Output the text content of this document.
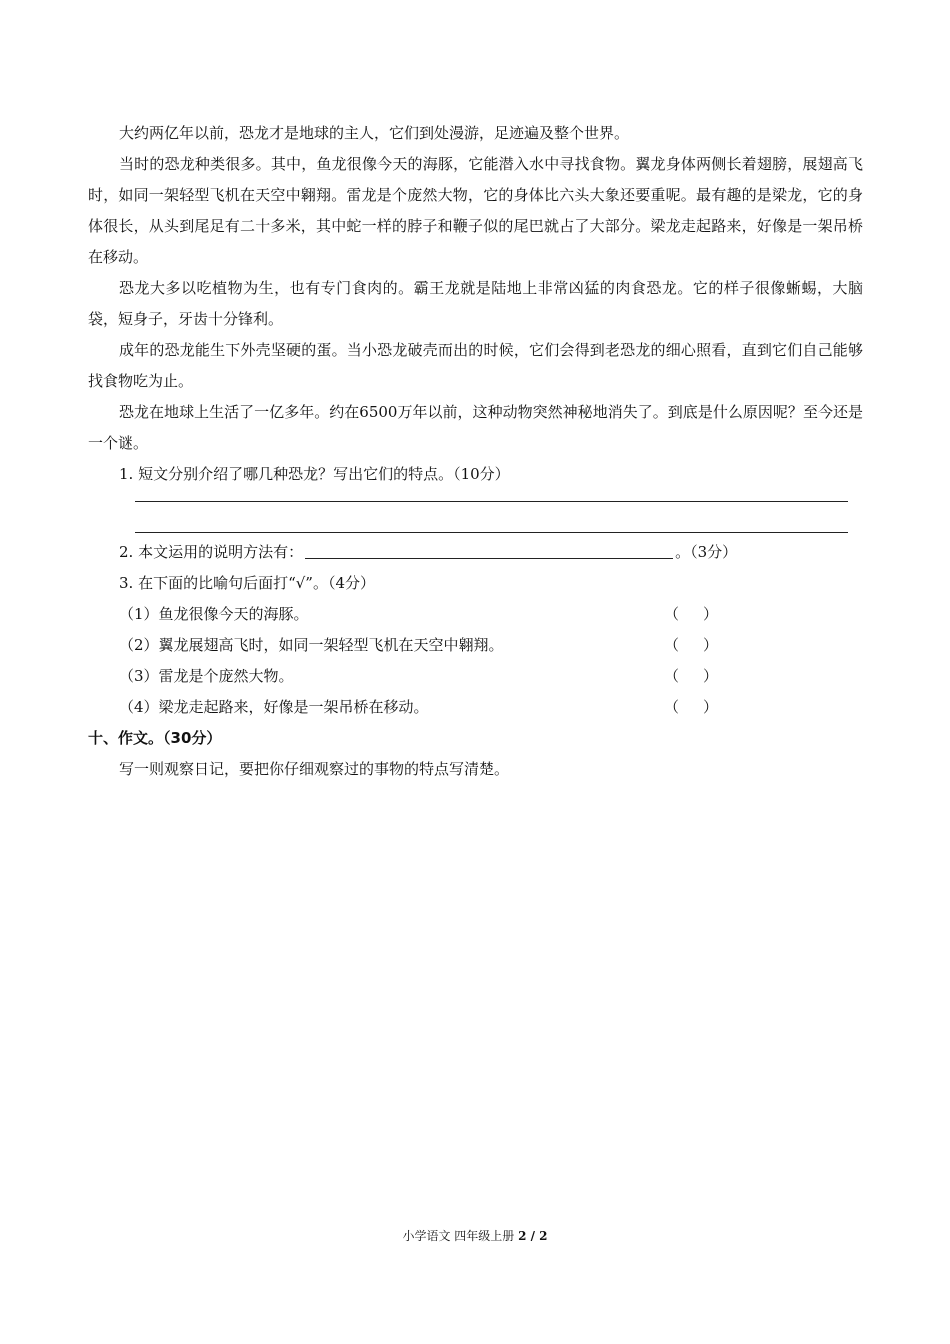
大约两亿年以前，恐龙才是地球的主人，它们到处漫游，足迹遍及整个世界。

当时的恐龙种类很多。其中，鱼龙很像今天的海豚，它能潜入水中寻找食物。翼龙身体两侧长着翅膀，展翅高飞时，如同一架轻型飞机在天空中翱翔。雷龙是个庞然大物，它的身体比六头大象还要重呢。最有趣的是梁龙，它的身体很长，从头到尾足有二十多米，其中蛇一样的脖子和鞭子似的尾巴就占了大部分。梁龙走起路来，好像是一架吊桥在移动。

恐龙大多以吃植物为生，也有专门食肉的。霸王龙就是陆地上非常凶猛的肉食恐龙。它的样子很像蜥蜴，大脑袋，短身子，牙齿十分锋利。

成年的恐龙能生下外壳坚硬的蛋。当小恐龙破壳而出的时候，它们会得到老恐龙的细心照看，直到它们自己能够找食物吃为止。

恐龙在地球上生活了一亿多年。约在6500万年以前，这种动物突然神秘地消失了。到底是什么原因呢？至今还是一个谜。

1. 短文分别介绍了哪几种恐龙？写出它们的特点。（10分）

2. 本文运用的说明方法有：	。（3分）

3. 在下面的比喻句后面打“√”。（4分）

（1）鱼龙很像今天的海豚。	（ ）
（2）翼龙展翅高飞时，如同一架轻型飞机在天空中翱翔。	（ ）
（3）雷龙是个庞然大物。	（ ）
（4）梁龙走起路来，好像是一架吊桥在移动。	（ ）

十、作文。（30分）

写一则观察日记，要把你仔细观察过的事物的特点写清楚。

小学语文 四年级上册 2 / 2
